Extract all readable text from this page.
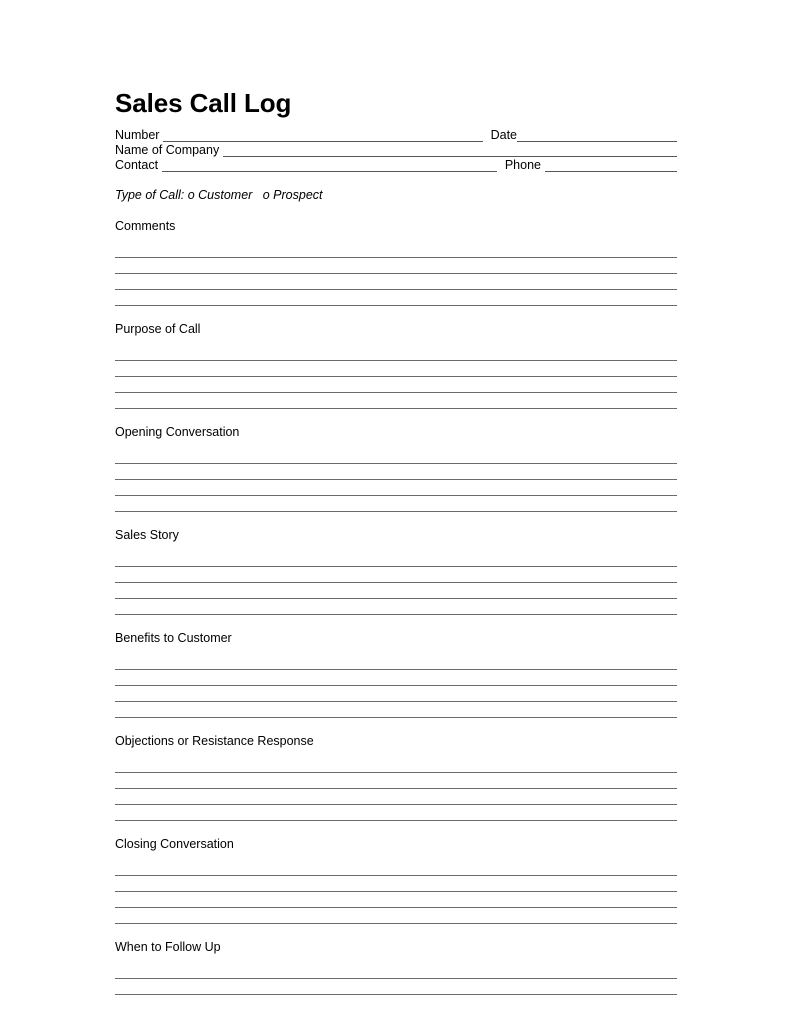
Sales Call Log
Number	Date
Name of Company
Contact	Phone
Type of Call: o Customer   o Prospect
Comments
Purpose of Call
Opening Conversation
Sales Story
Benefits to Customer
Objections or Resistance Response
Closing Conversation
When to Follow Up
